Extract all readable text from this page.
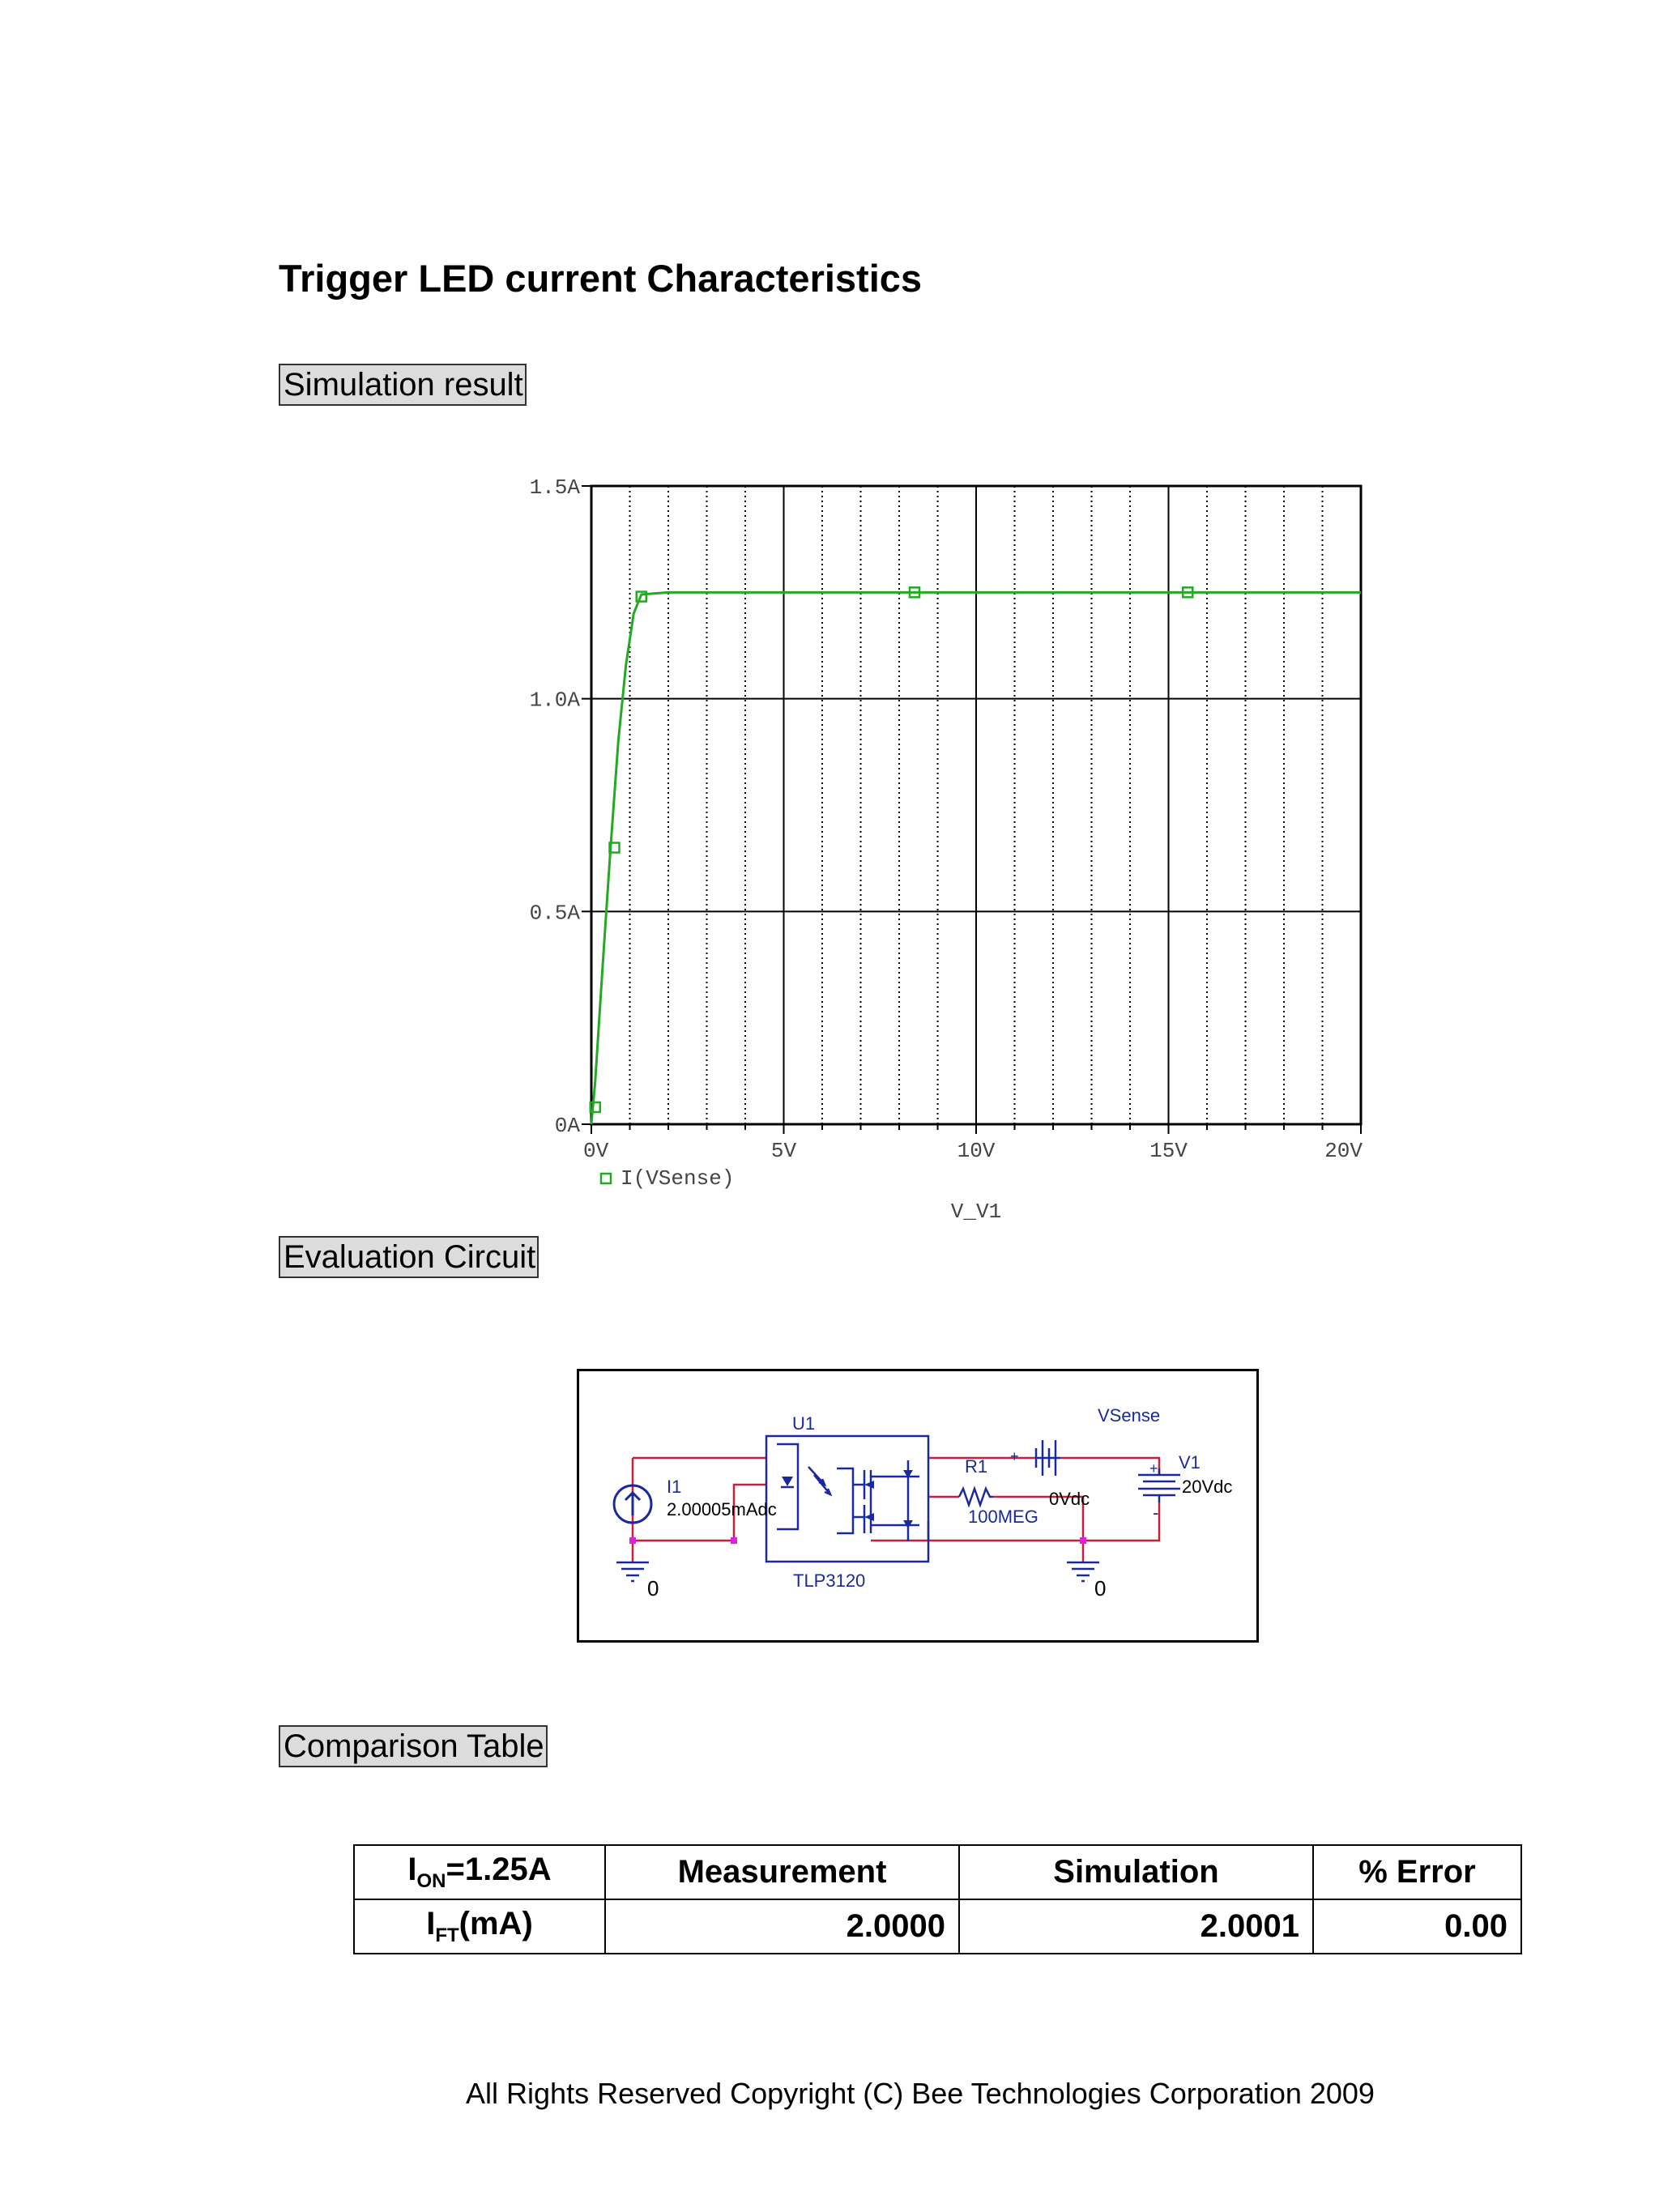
Trigger LED current Characteristics
Simulation result
0V	5V	10V	15V	20V
0A
0.5A
1.0A
1.5A
I(VSense)
V_V1
Evaluation Circuit
U1
TLP3120
I1
R1
100MEG
VSense
V1
+
+
-
2.00005mAdc
0Vdc
20Vdc
0	0
Comparison Table
$I_{ON}=1.25A$	Measurement	Simulation	% Error
$I_{FT}(mA)$	2.0000	2.0001	0.00
All Rights Reserved Copyright (C) Bee Technologies Corporation 2009
